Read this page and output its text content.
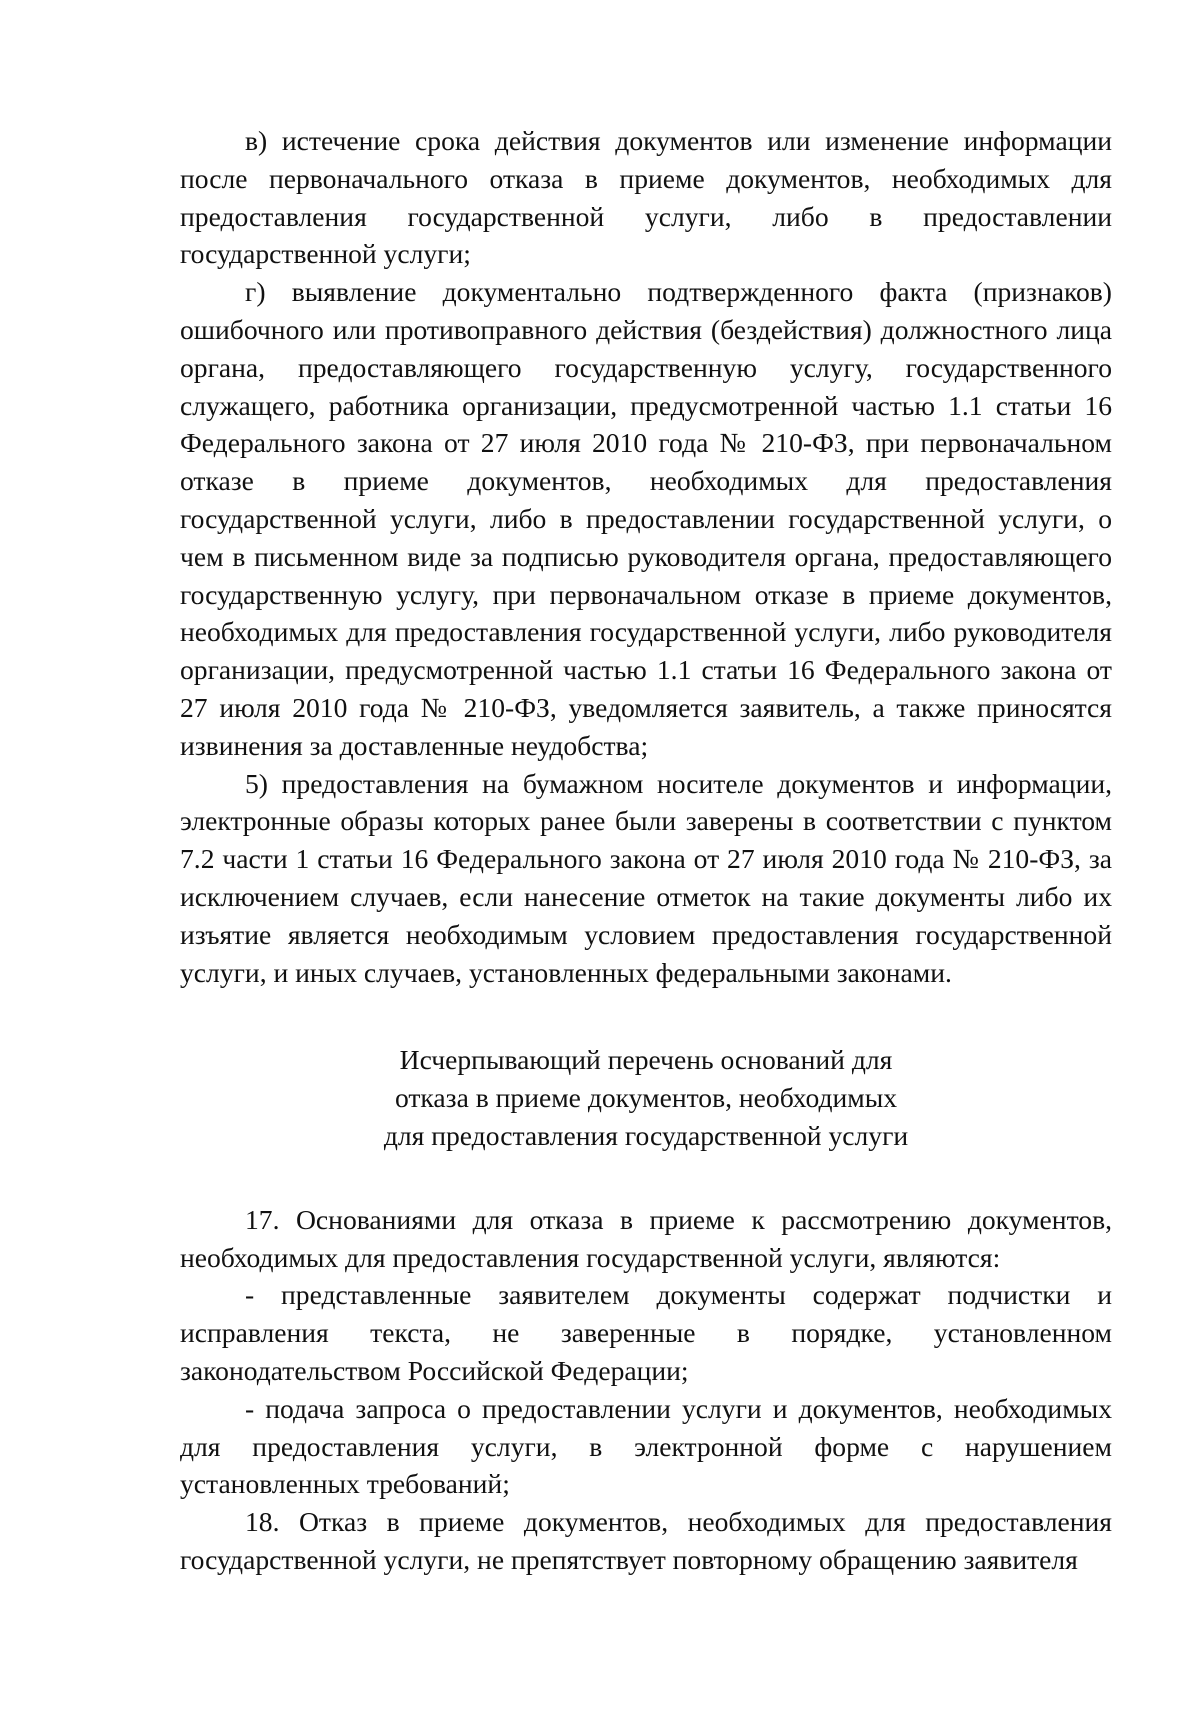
в) истечение срока действия документов или изменение информации после первоначального отказа в приеме документов, необходимых для предоставления государственной услуги, либо в предоставлении государственной услуги;

г) выявление документально подтвержденного факта (признаков) ошибочного или противоправного действия (бездействия) должностного лица органа, предоставляющего государственную услугу, государственного служащего, работника организации, предусмотренной частью 1.1 статьи 16 Федерального закона от 27 июля 2010 года № 210-ФЗ, при первоначальном отказе в приеме документов, необходимых для предоставления государственной услуги, либо в предоставлении государственной услуги, о чем в письменном виде за подписью руководителя органа, предоставляющего государственную услугу, при первоначальном отказе в приеме документов, необходимых для предоставления государственной услуги, либо руководителя организации, предусмотренной частью 1.1 статьи 16 Федерального закона от 27 июля 2010 года № 210-ФЗ, уведомляется заявитель, а также приносятся извинения за доставленные неудобства;

5) предоставления на бумажном носителе документов и информации, электронные образы которых ранее были заверены в соответствии с пунктом 7.2 части 1 статьи 16 Федерального закона от 27 июля 2010 года № 210-ФЗ, за исключением случаев, если нанесение отметок на такие документы либо их изъятие является необходимым условием предоставления государственной услуги, и иных случаев, установленных федеральными законами.

Исчерпывающий перечень оснований для
отказа в приеме документов, необходимых
для предоставления государственной услуги

17. Основаниями для отказа в приеме к рассмотрению документов, необходимых для предоставления государственной услуги, являются:

- представленные заявителем документы содержат подчистки и исправления текста, не заверенные в порядке, установленном законодательством Российской Федерации;

- подача запроса о предоставлении услуги и документов, необходимых для предоставления услуги, в электронной форме с нарушением установленных требований;

18. Отказ в приеме документов, необходимых для предоставления государственной услуги, не препятствует повторному обращению заявителя
